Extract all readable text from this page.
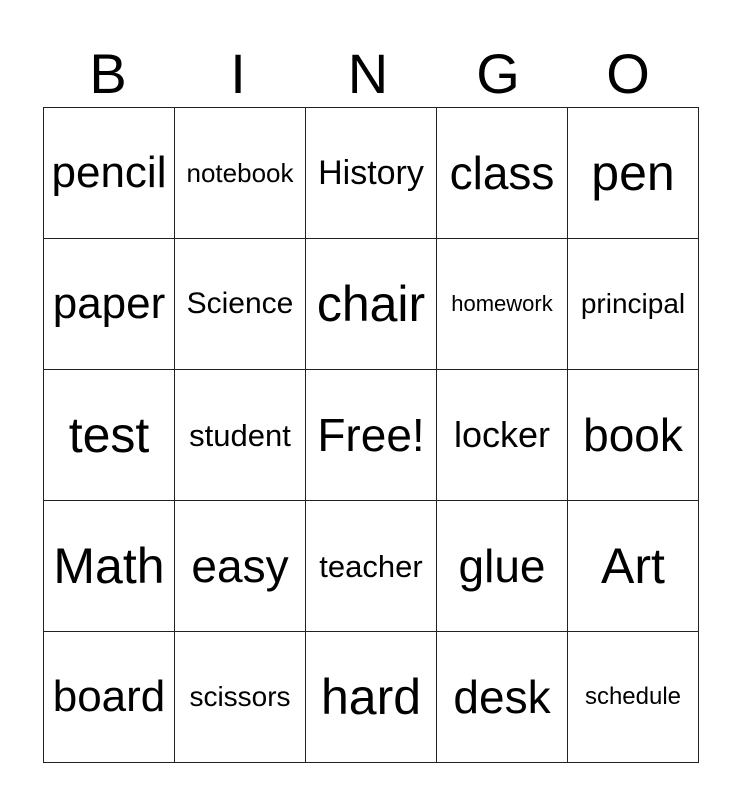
B	I	N	G	O
pencil	notebook	History	class	pen
paper	Science	chair	homework	principal
test	student	Free!	locker	book
Math	easy	teacher	glue	Art
board	scissors	hard	desk	schedule
